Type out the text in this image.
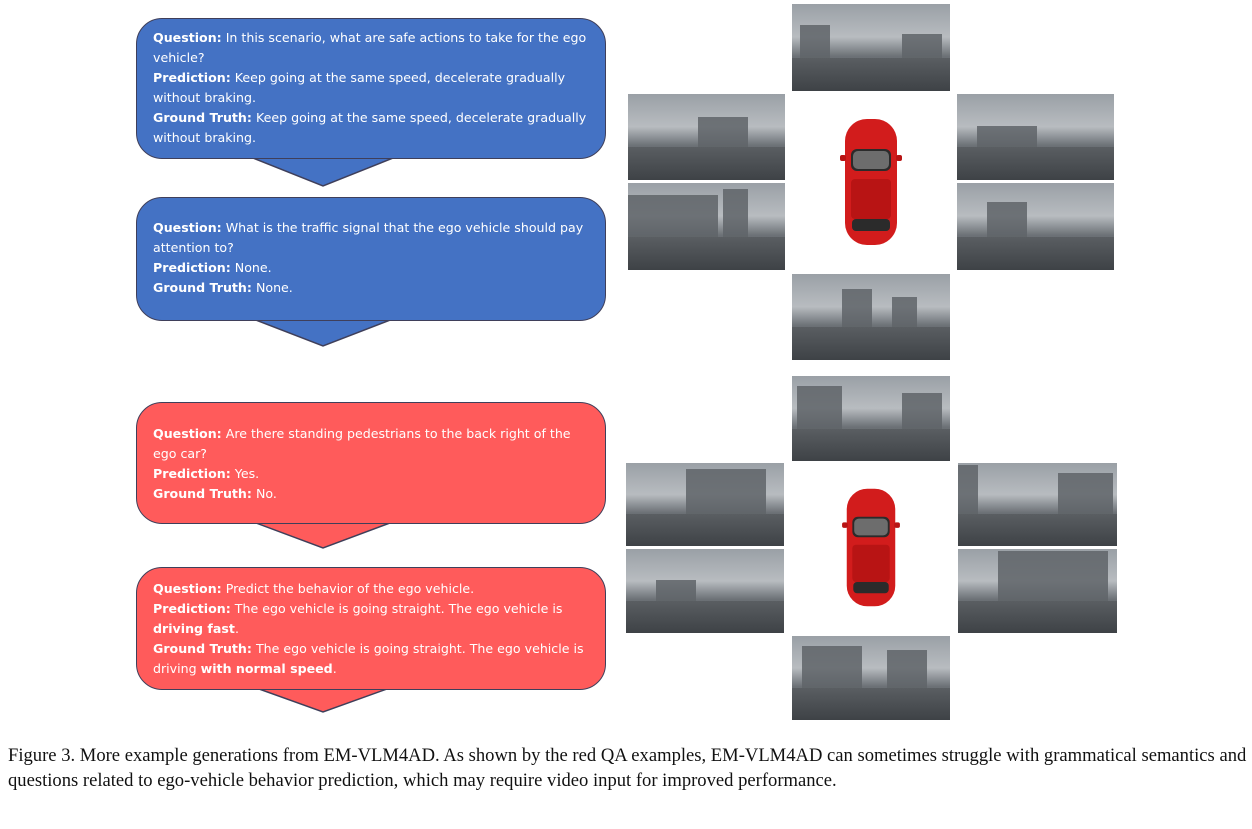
Question: In this scenario, what are safe actions to take for the ego vehicle?

Prediction: Keep going at the same speed, decelerate gradually without braking.

Ground Truth: Keep going at the same speed, decelerate gradually without braking.

Question: What is the traffic signal that the ego vehicle should pay attention to?

Prediction: None.

Ground Truth: None.

Question: Are there standing pedestrians to the back right of the ego car?

Prediction: Yes.

Ground Truth: No.

Question: Predict the behavior of the ego vehicle.

Prediction: The ego vehicle is going straight. The ego vehicle is driving fast.

Ground Truth: The ego vehicle is going straight. The ego vehicle is driving with normal speed.

Figure 3. More example generations from EM-VLM4AD. As shown by the red QA examples, EM-VLM4AD can sometimes struggle with grammatical semantics and questions related to ego-vehicle behavior prediction, which may require video input for improved performance.
